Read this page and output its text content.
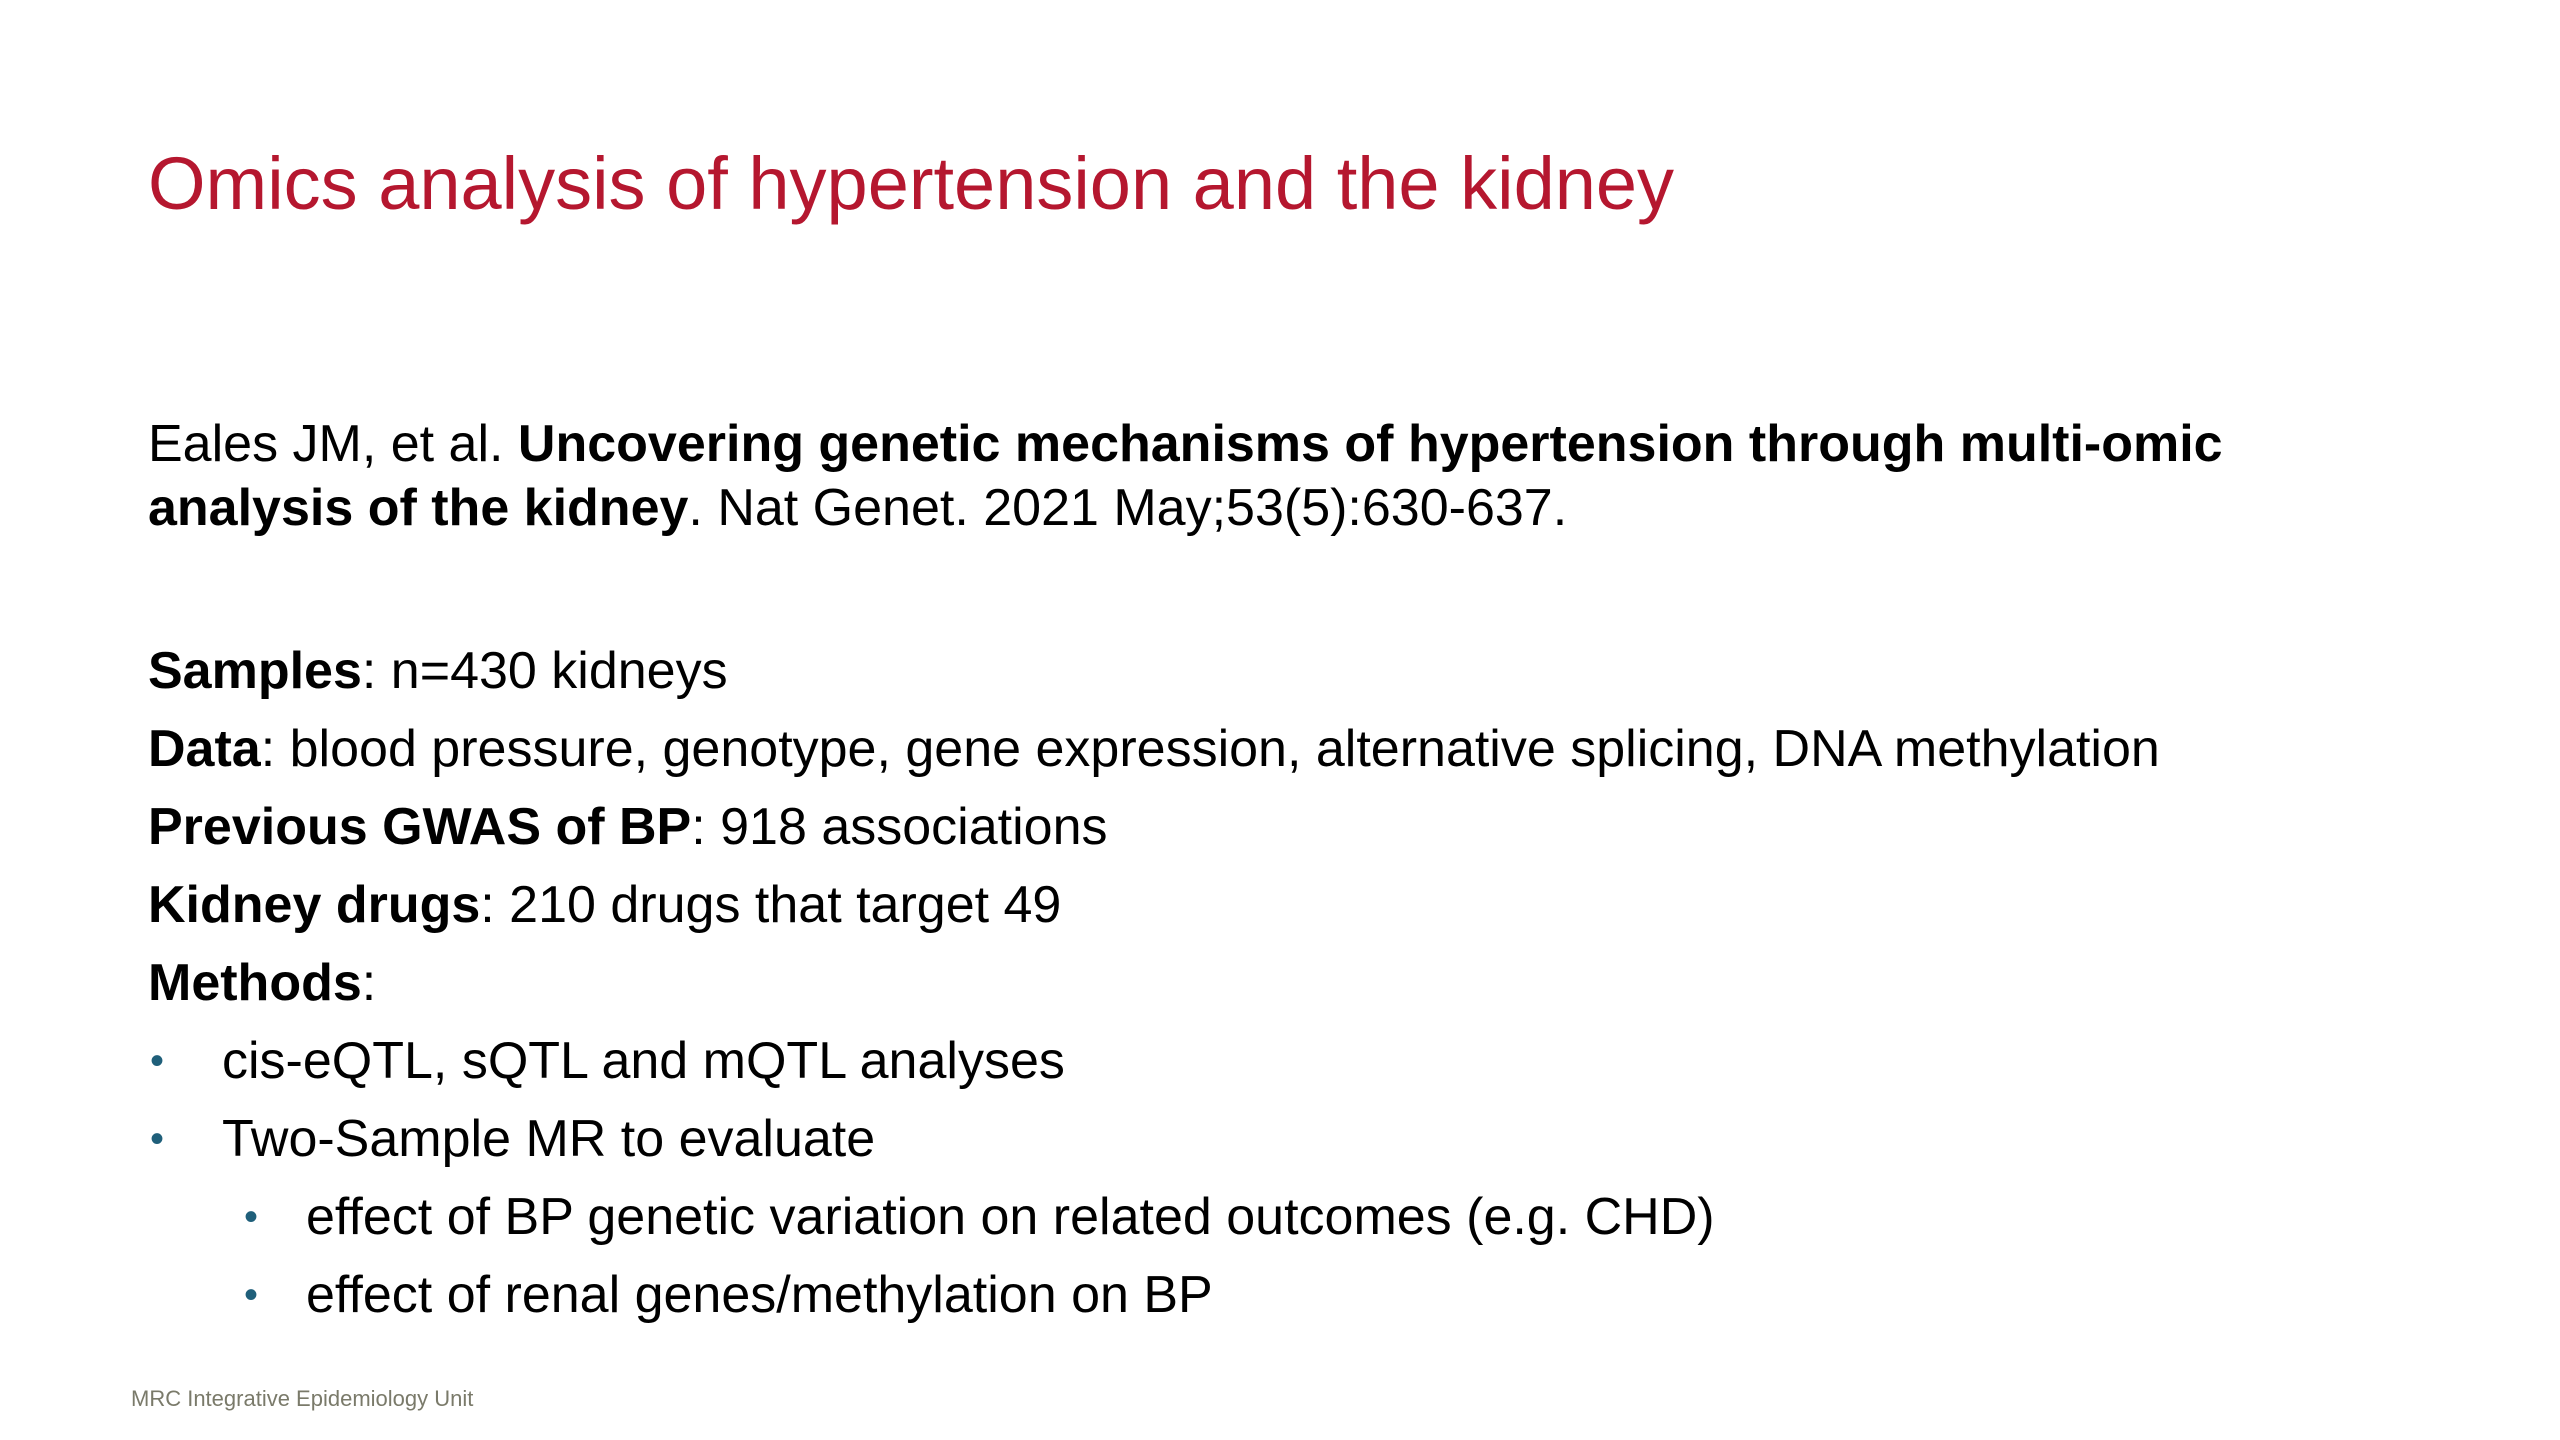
Omics analysis of hypertension and the kidney

Eales JM, et al. Uncovering genetic mechanisms of hypertension through multi-omic analysis of the kidney. Nat Genet. 2021 May;53(5):630-637.

Samples: n=430 kidneys
Data: blood pressure, genotype, gene expression, alternative splicing, DNA methylation
Previous GWAS of BP: 918 associations
Kidney drugs: 210 drugs that target 49
Methods:
• cis-eQTL, sQTL and mQTL analyses
• Two-Sample MR to evaluate
• effect of BP genetic variation on related outcomes (e.g. CHD)
• effect of renal genes/methylation on BP
MRC Integrative Epidemiology Unit
